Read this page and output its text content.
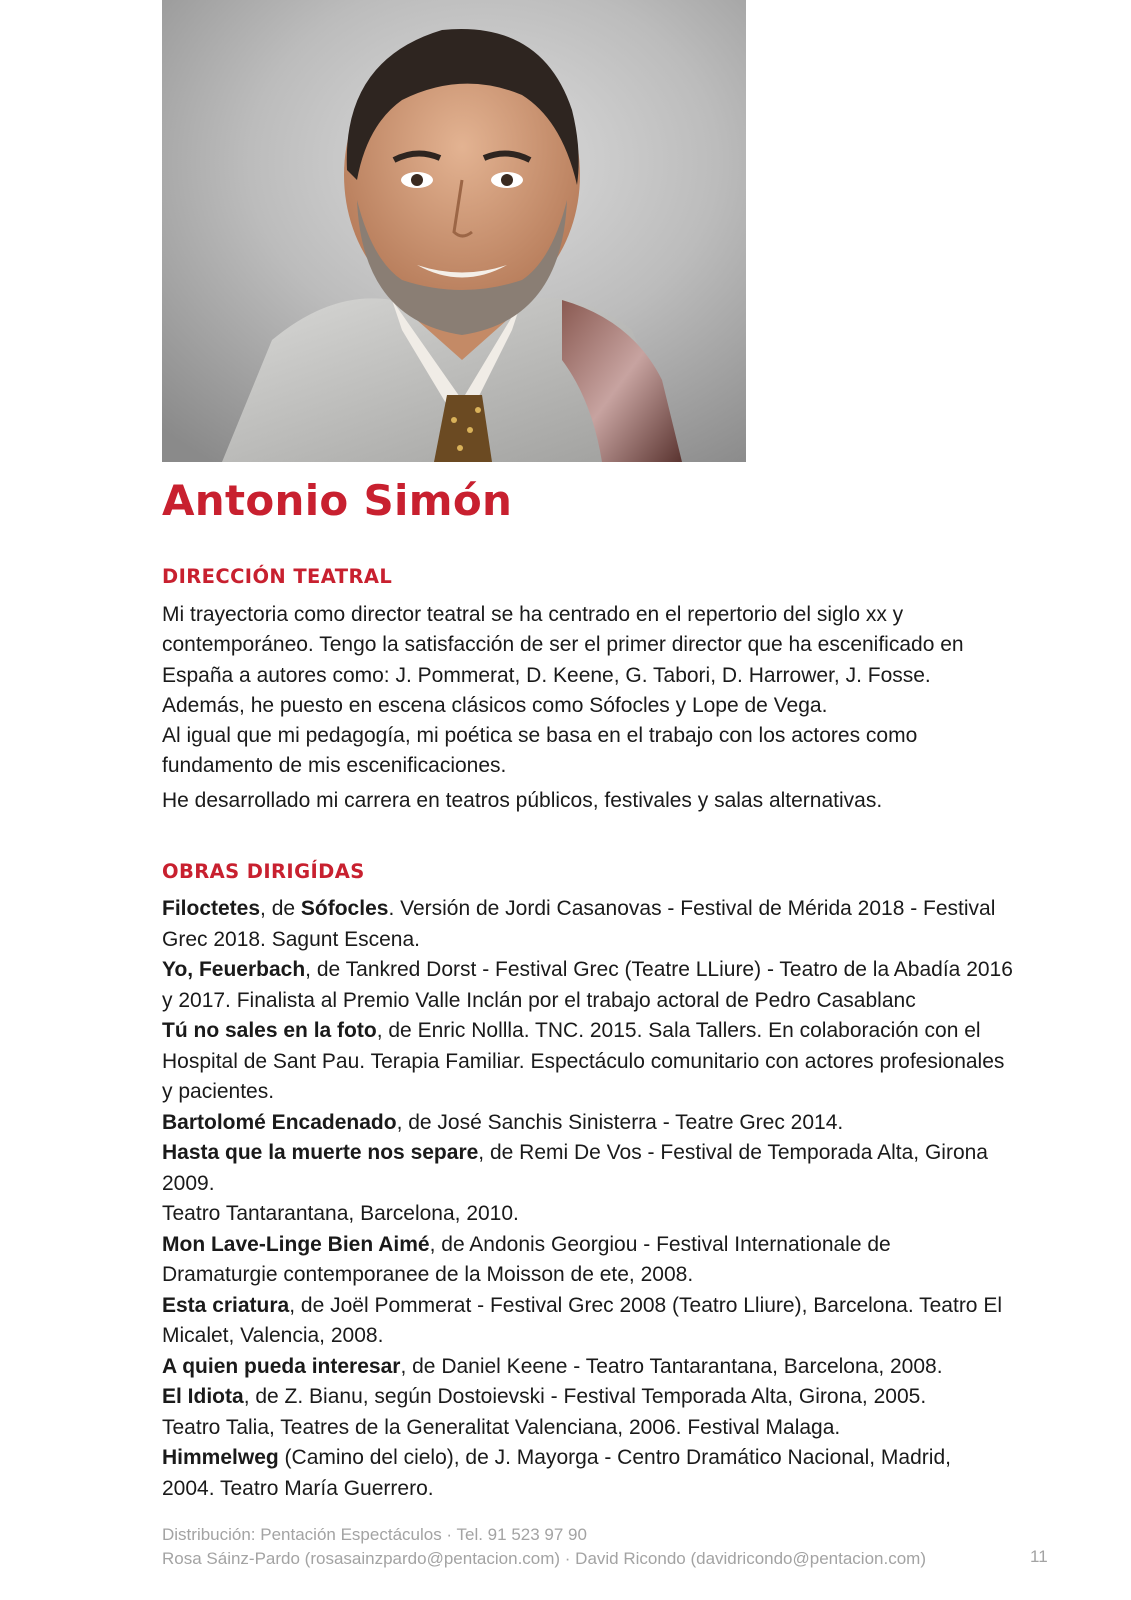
Antonio Simón
DIRECCIÓN TEATRAL

Mi trayectoria como director teatral se ha centrado en el repertorio del siglo xx y

contemporáneo. Tengo la satisfacción de ser el primer director que ha escenificado en

España a autores como: J. Pommerat, D. Keene, G. Tabori, D. Harrower, J. Fosse.

Además, he puesto en escena clásicos como Sófocles y Lope de Vega.

Al igual que mi pedagogía, mi poética se basa en el trabajo con los actores como

fundamento de mis escenificaciones.

He desarrollado mi carrera en teatros públicos, festivales y salas alternativas.

OBRAS DIRIGÍDAS
Filoctetes, de Sófocles. Versión de Jordi Casanovas - Festival de Mérida 2018 - Festival
Grec 2018. Sagunt Escena.
Yo, Feuerbach, de Tankred Dorst - Festival Grec (Teatre LLiure) - Teatro de la Abadía 2016
y 2017. Finalista al Premio Valle Inclán por el trabajo actoral de Pedro Casablanc
Tú no sales en la foto, de Enric Nollla. TNC. 2015. Sala Tallers. En colaboración con el
Hospital de Sant Pau. Terapia Familiar. Espectáculo comunitario con actores profesionales
y pacientes.
Bartolomé Encadenado, de José Sanchis Sinisterra - Teatre Grec 2014.
Hasta que la muerte nos separe, de Remi De Vos - Festival de Temporada Alta, Girona
2009.
Teatro Tantarantana, Barcelona, 2010.
Mon Lave-Linge Bien Aimé, de Andonis Georgiou - Festival Internationale de
Dramaturgie contemporanee de la Moisson de ete, 2008.
Esta criatura, de Joël Pommerat - Festival Grec 2008 (Teatro Lliure), Barcelona. Teatro El
Micalet, Valencia, 2008.
A quien pueda interesar, de Daniel Keene - Teatro Tantarantana, Barcelona, 2008.
El Idiota, de Z. Bianu, según Dostoievski - Festival Temporada Alta, Girona, 2005.
Teatro Talia, Teatres de la Generalitat Valenciana, 2006. Festival Malaga.
Himmelweg (Camino del cielo), de J. Mayorga - Centro Dramático Nacional, Madrid,
2004. Teatro María Guerrero.
Distribución: Pentación Espectáculos · Tel. 91 523 97 90
Rosa Sáinz-Pardo (rosasainzpardo@pentacion.com) · David Ricondo (davidricondo@pentacion.com)	11
